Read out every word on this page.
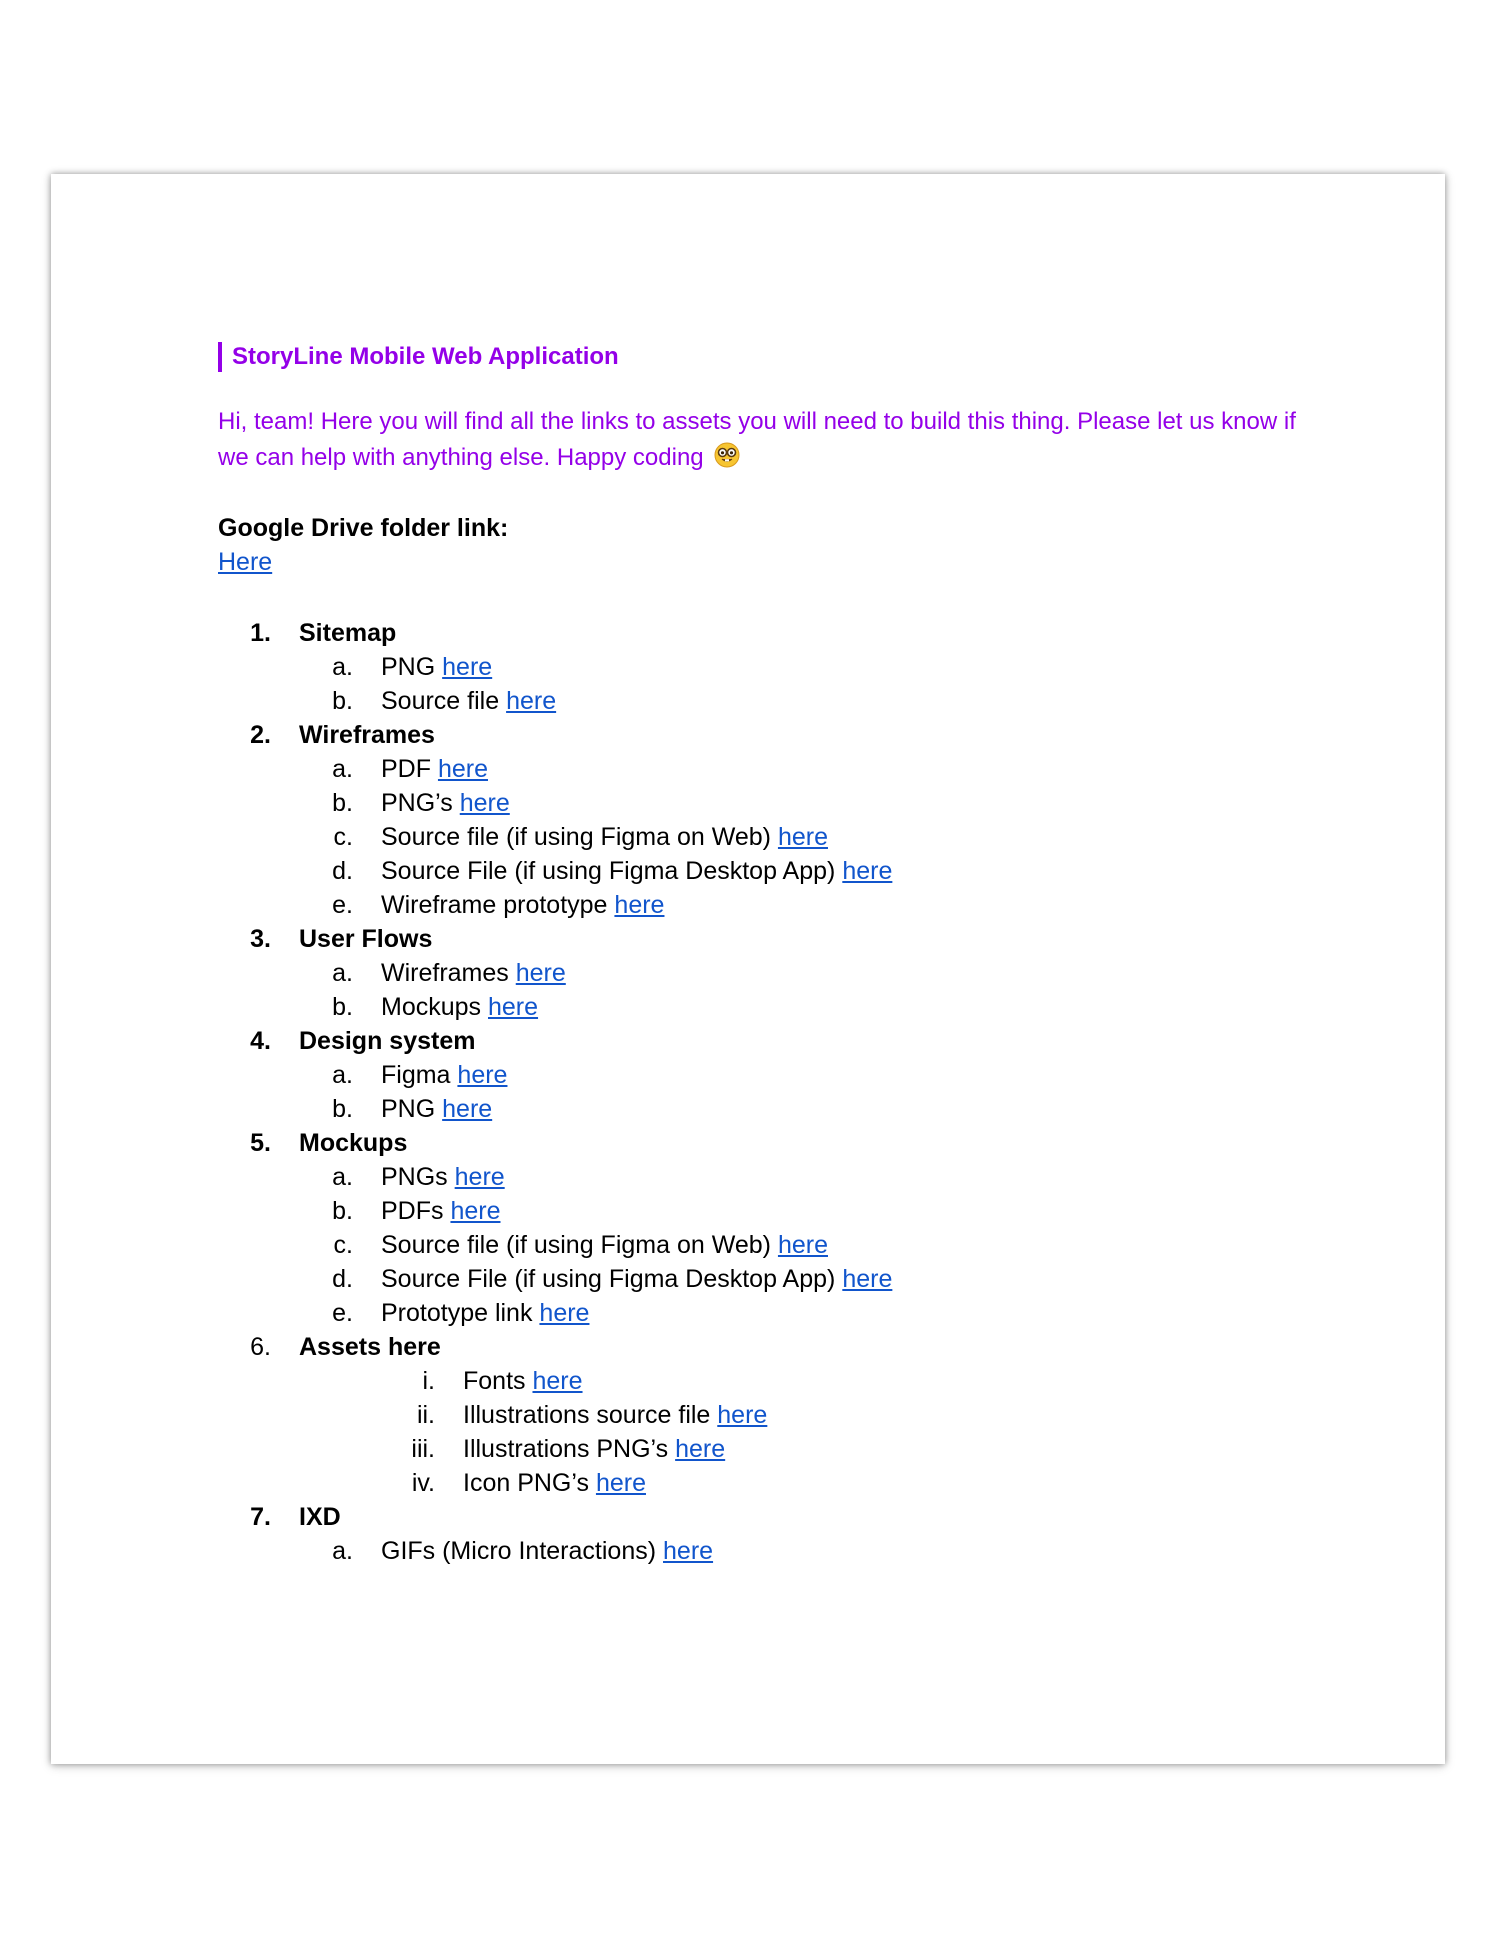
StoryLine Mobile Web Application
Hi, team! Here you will find all the links to assets you will need to build this thing. Please let us know if we can help with anything else. Happy coding
Google Drive folder link:
Here
1. Sitemap
a. PNG here
b. Source file here
2. Wireframes
a. PDF here
b. PNG’s here
c. Source file (if using Figma on Web) here
d. Source File (if using Figma Desktop App) here
e. Wireframe prototype here
3. User Flows
a. Wireframes here
b. Mockups here
4. Design system
a. Figma here
b. PNG here
5. Mockups
a. PNGs here
b. PDFs here
c. Source file (if using Figma on Web) here
d. Source File (if using Figma Desktop App) here
e. Prototype link here
6. Assets here
i. Fonts here
ii. Illustrations source file here
iii. Illustrations PNG’s here
iv. Icon PNG’s here
7. IXD
a. GIFs (Micro Interactions) here
